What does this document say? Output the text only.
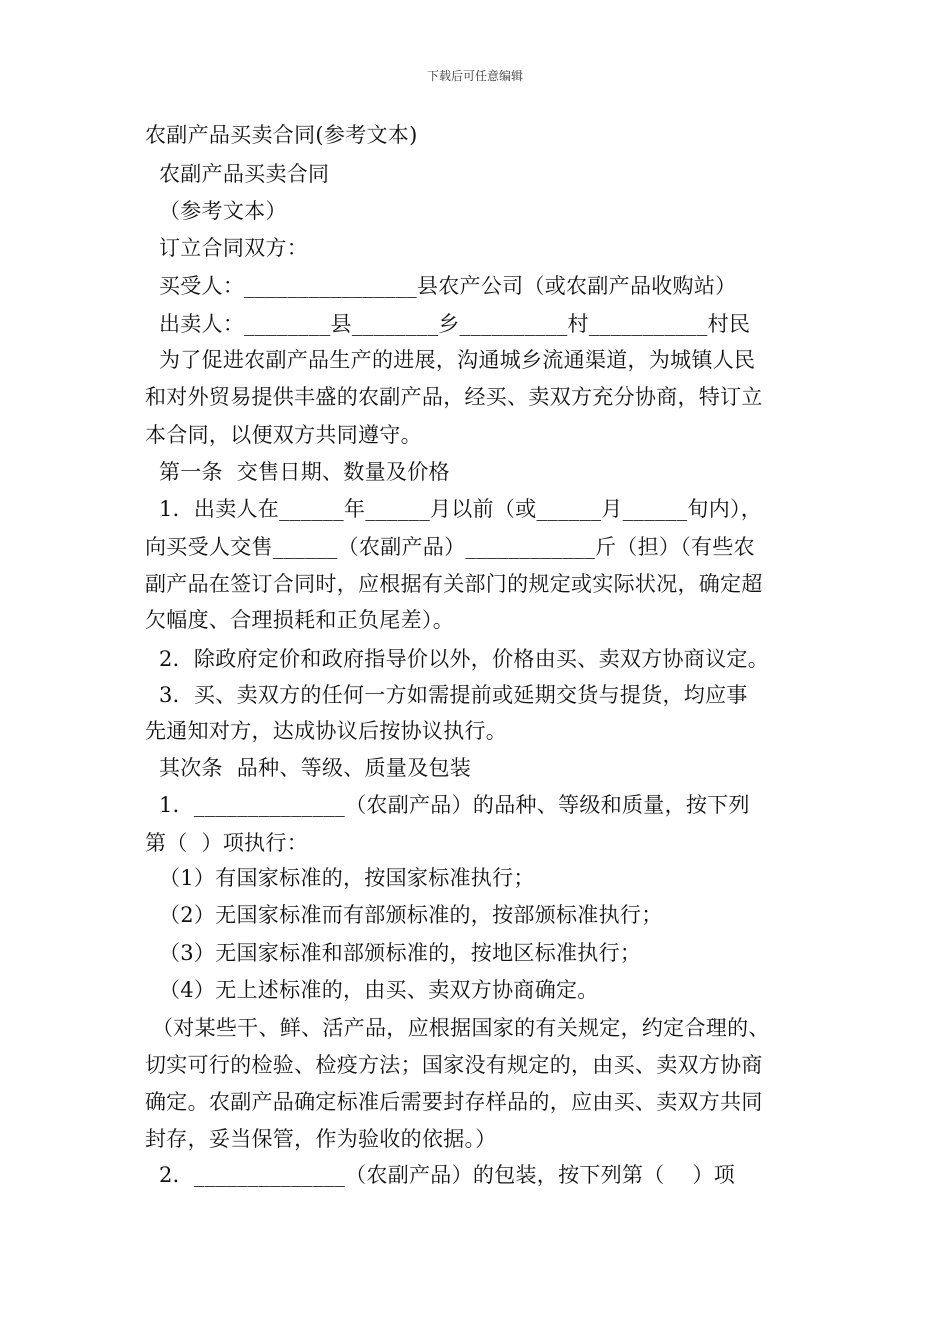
下载后可任意编辑
农副产品买卖合同(参考文本)
农副产品买卖合同
（参考文本）
订立合同双方：
买受人：________________县农产公司（或农副产品收购站）
出卖人：________县________乡__________村___________村民
为了促进农副产品生产的进展，沟通城乡流通渠道，为城镇人民
和对外贸易提供丰盛的农副产品，经买、卖双方充分协商，特订立
本合同，以便双方共同遵守。
第一条  交售日期、数量及价格
1．出卖人在______年______月以前（或______月______旬内），
向买受人交售______（农副产品）____________斤（担）（有些农
副产品在签订合同时，应根据有关部门的规定或实际状况，确定超
欠幅度、合理损耗和正负尾差）。
2．除政府定价和政府指导价以外，价格由买、卖双方协商议定。
3．买、卖双方的任何一方如需提前或延期交货与提货，均应事
先通知对方，达成协议后按协议执行。
其次条  品种、等级、质量及包装
1．______________（农副产品）的品种、等级和质量，按下列
第（  ）项执行：
（1）有国家标准的，按国家标准执行；
（2）无国家标准而有部颁标准的，按部颁标准执行；
（3）无国家标准和部颁标准的，按地区标准执行；
（4）无上述标准的，由买、卖双方协商确定。
（对某些干、鲜、活产品，应根据国家的有关规定，约定合理的、
切实可行的检验、检疫方法；国家没有规定的，由买、卖双方协商
确定。农副产品确定标准后需要封存样品的，应由买、卖双方共同
封存，妥当保管，作为验收的依据。）
2．______________（农副产品）的包装，按下列第（    ）项
